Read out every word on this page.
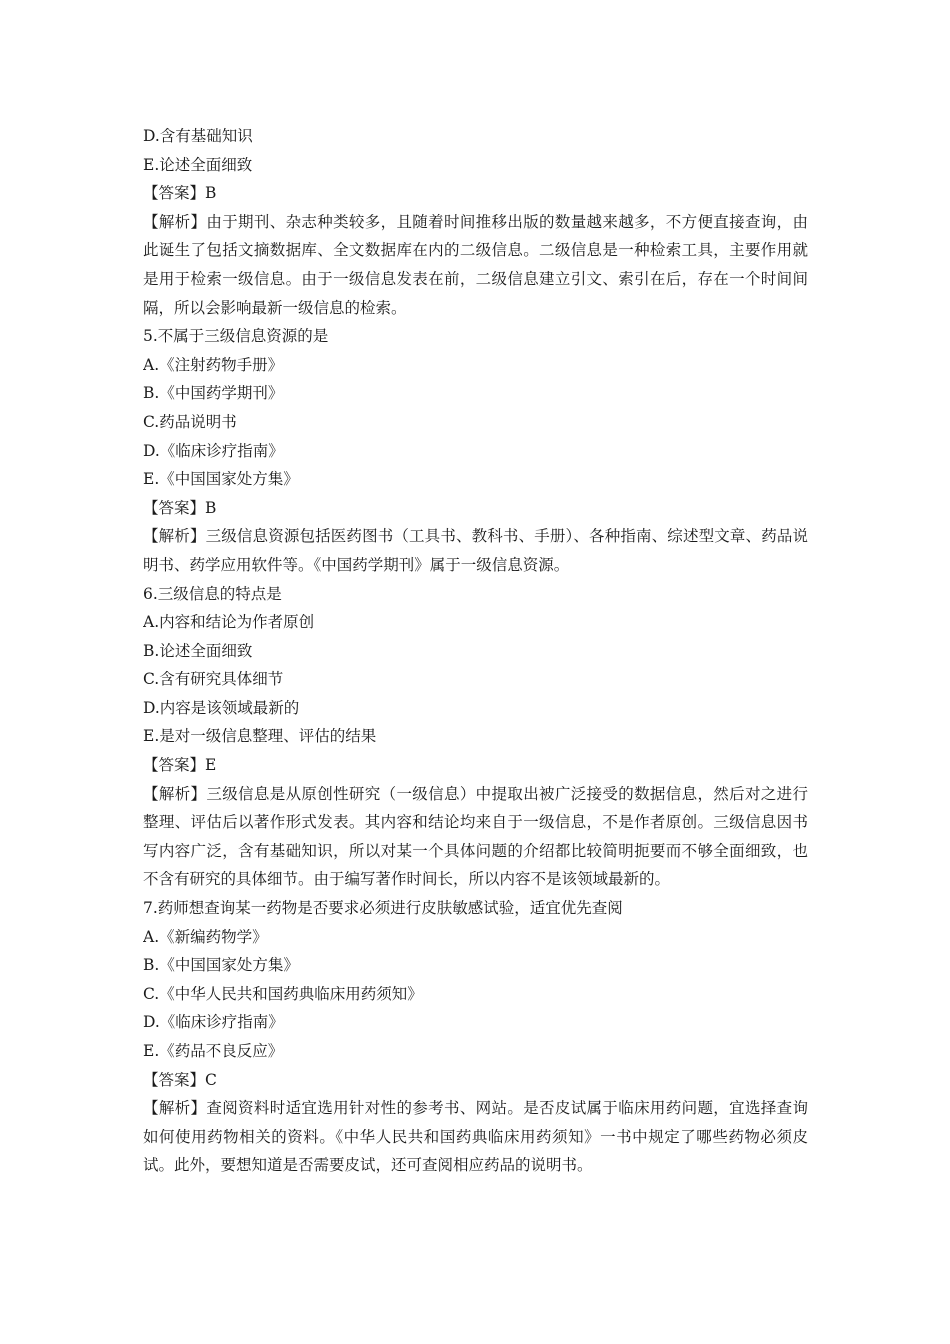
D.含有基础知识
E.论述全面细致
【答案】B

【解析】由于期刊、杂志种类较多，且随着时间推移出版的数量越来越多，不方便直接查询，由此诞生了包括文摘数据库、全文数据库在内的二级信息。二级信息是一种检索工具，主要作用就是用于检索一级信息。由于一级信息发表在前，二级信息建立引文、索引在后，存在一个时间间隔，所以会影响最新一级信息的检索。

5.不属于三级信息资源的是
A.《注射药物手册》
B.《中国药学期刊》
C.药品说明书
D.《临床诊疗指南》
E.《中国国家处方集》
【答案】B

【解析】三级信息资源包括医药图书（工具书、教科书、手册）、各种指南、综述型文章、药品说明书、药学应用软件等。《中国药学期刊》属于一级信息资源。

6.三级信息的特点是
A.内容和结论为作者原创
B.论述全面细致
C.含有研究具体细节
D.内容是该领域最新的
E.是对一级信息整理、评估的结果
【答案】E

【解析】三级信息是从原创性研究（一级信息）中提取出被广泛接受的数据信息，然后对之进行整理、评估后以著作形式发表。其内容和结论均来自于一级信息，不是作者原创。三级信息因书写内容广泛，含有基础知识，所以对某一个具体问题的介绍都比较简明扼要而不够全面细致，也不含有研究的具体细节。由于编写著作时间长，所以内容不是该领域最新的。

7.药师想查询某一药物是否要求必须进行皮肤敏感试验，适宜优先查阅
A.《新编药物学》
B.《中国国家处方集》
C.《中华人民共和国药典临床用药须知》
D.《临床诊疗指南》
E.《药品不良反应》
【答案】C

【解析】查阅资料时适宜选用针对性的参考书、网站。是否皮试属于临床用药问题，宜选择查询如何使用药物相关的资料。《中华人民共和国药典临床用药须知》一书中规定了哪些药物必须皮试。此外，要想知道是否需要皮试，还可查阅相应药品的说明书。
